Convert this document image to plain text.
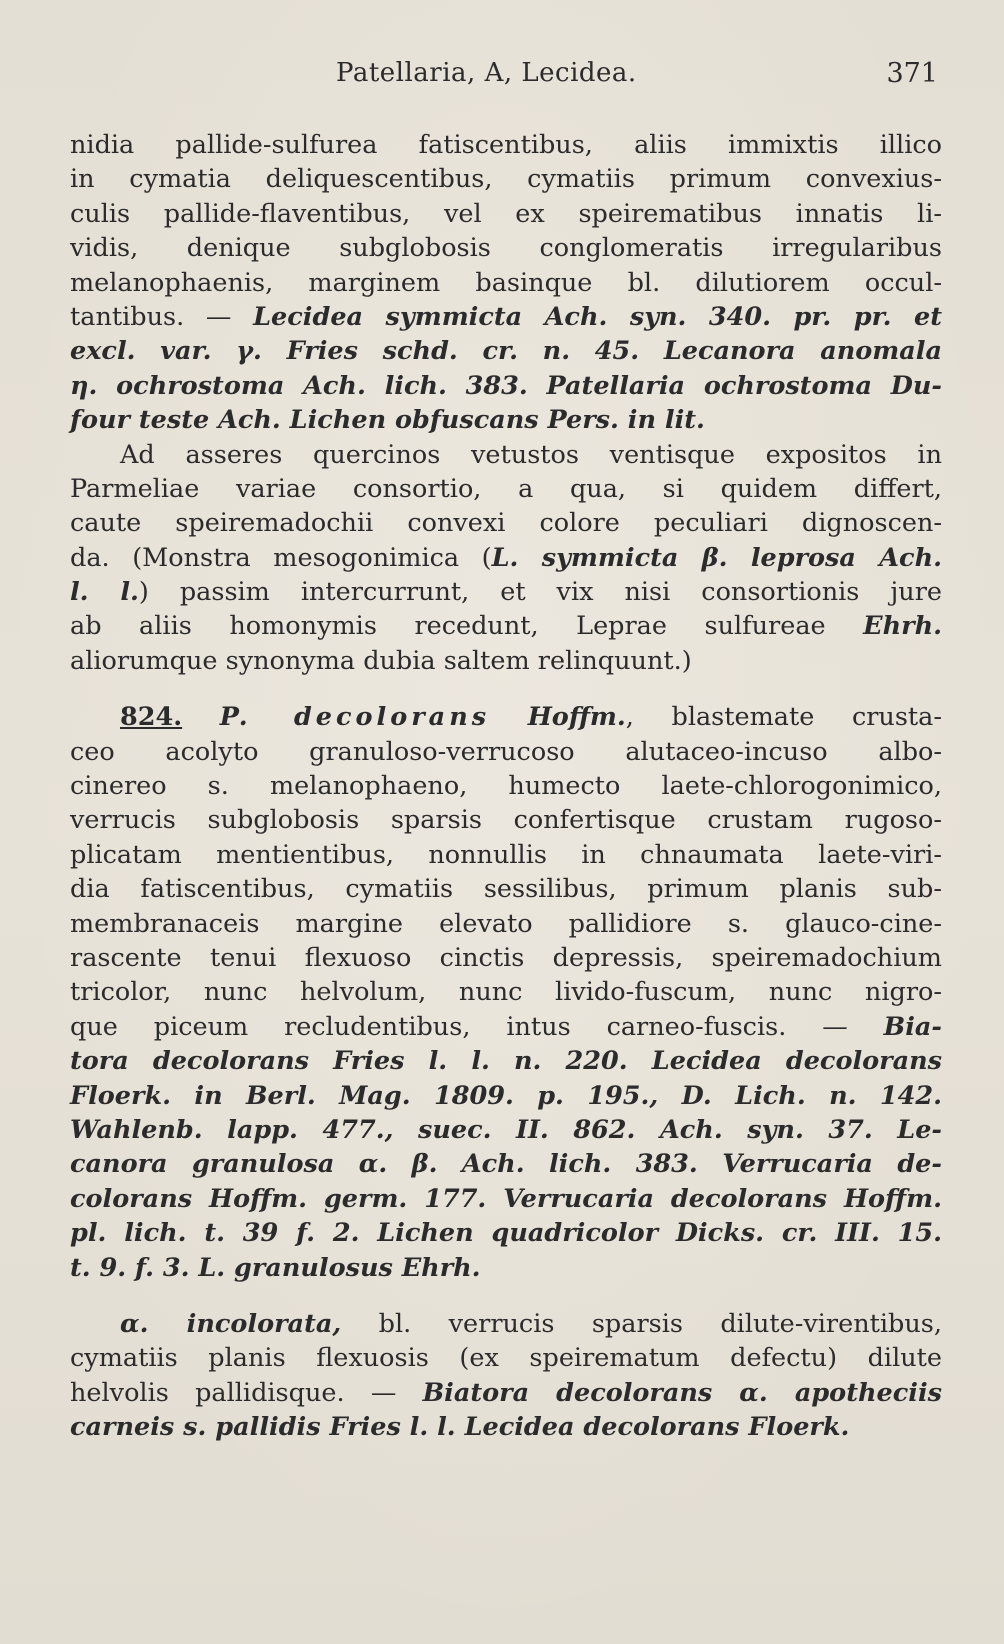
Patellaria, A, Lecidea.	371
nidia pallide-sulfurea fatiscentibus, aliis immixtis illico
in cymatia deliquescentibus, cymatiis primum convexius-
culis pallide-flaventibus, vel ex speirematibus innatis li-
vidis, denique subglobosis conglomeratis irregularibus
melanophaenis, marginem basinque bl. dilutiorem occul-
tantibus. — Lecidea symmicta Ach. syn. 340. pr. pr. et
excl. var. γ. Fries schd. cr. n. 45. Lecanora anomala
η. ochrostoma Ach. lich. 383. Patellaria ochrostoma Du-
four teste Ach. Lichen obfuscans Pers. in lit.
Ad asseres quercinos vetustos ventisque expositos in
Parmeliae variae consortio, a qua, si quidem differt,
caute speiremadochii convexi colore peculiari dignoscen-
da. (Monstra mesogonimica (L. symmicta β. leprosa Ach.
l. l.) passim intercurrunt, et vix nisi consortionis jure
ab aliis homonymis recedunt, Leprae sulfureae Ehrh.
aliorumque synonyma dubia saltem relinquunt.)
824. P. decolorans Hoffm., blastemate crusta-
ceo acolyto granuloso-verrucoso alutaceo-incuso albo-
cinereo s. melanophaeno, humecto laete-chlorogonimico,
verrucis subglobosis sparsis confertisque crustam rugoso-
plicatam mentientibus, nonnullis in chnaumata laete-viri-
dia fatiscentibus, cymatiis sessilibus, primum planis sub-
membranaceis margine elevato pallidiore s. glauco-cine-
rascente tenui flexuoso cinctis depressis, speiremadochium
tricolor, nunc helvolum, nunc livido-fuscum, nunc nigro-
que piceum recludentibus, intus carneo-fuscis. — Bia-
tora decolorans Fries l. l. n. 220. Lecidea decolorans
Floerk. in Berl. Mag. 1809. p. 195., D. Lich. n. 142.
Wahlenb. lapp. 477., suec. II. 862. Ach. syn. 37. Le-
canora granulosa α. β. Ach. lich. 383. Verrucaria de-
colorans Hoffm. germ. 177. Verrucaria decolorans Hoffm.
pl. lich. t. 39 f. 2. Lichen quadricolor Dicks. cr. III. 15.
t. 9. f. 3. L. granulosus Ehrh.
α. incolorata, bl. verrucis sparsis dilute-virentibus,
cymatiis planis flexuosis (ex speirematum defectu) dilute
helvolis pallidisque. — Biatora decolorans α. apotheciis
carneis s. pallidis Fries l. l. Lecidea decolorans Floerk.
